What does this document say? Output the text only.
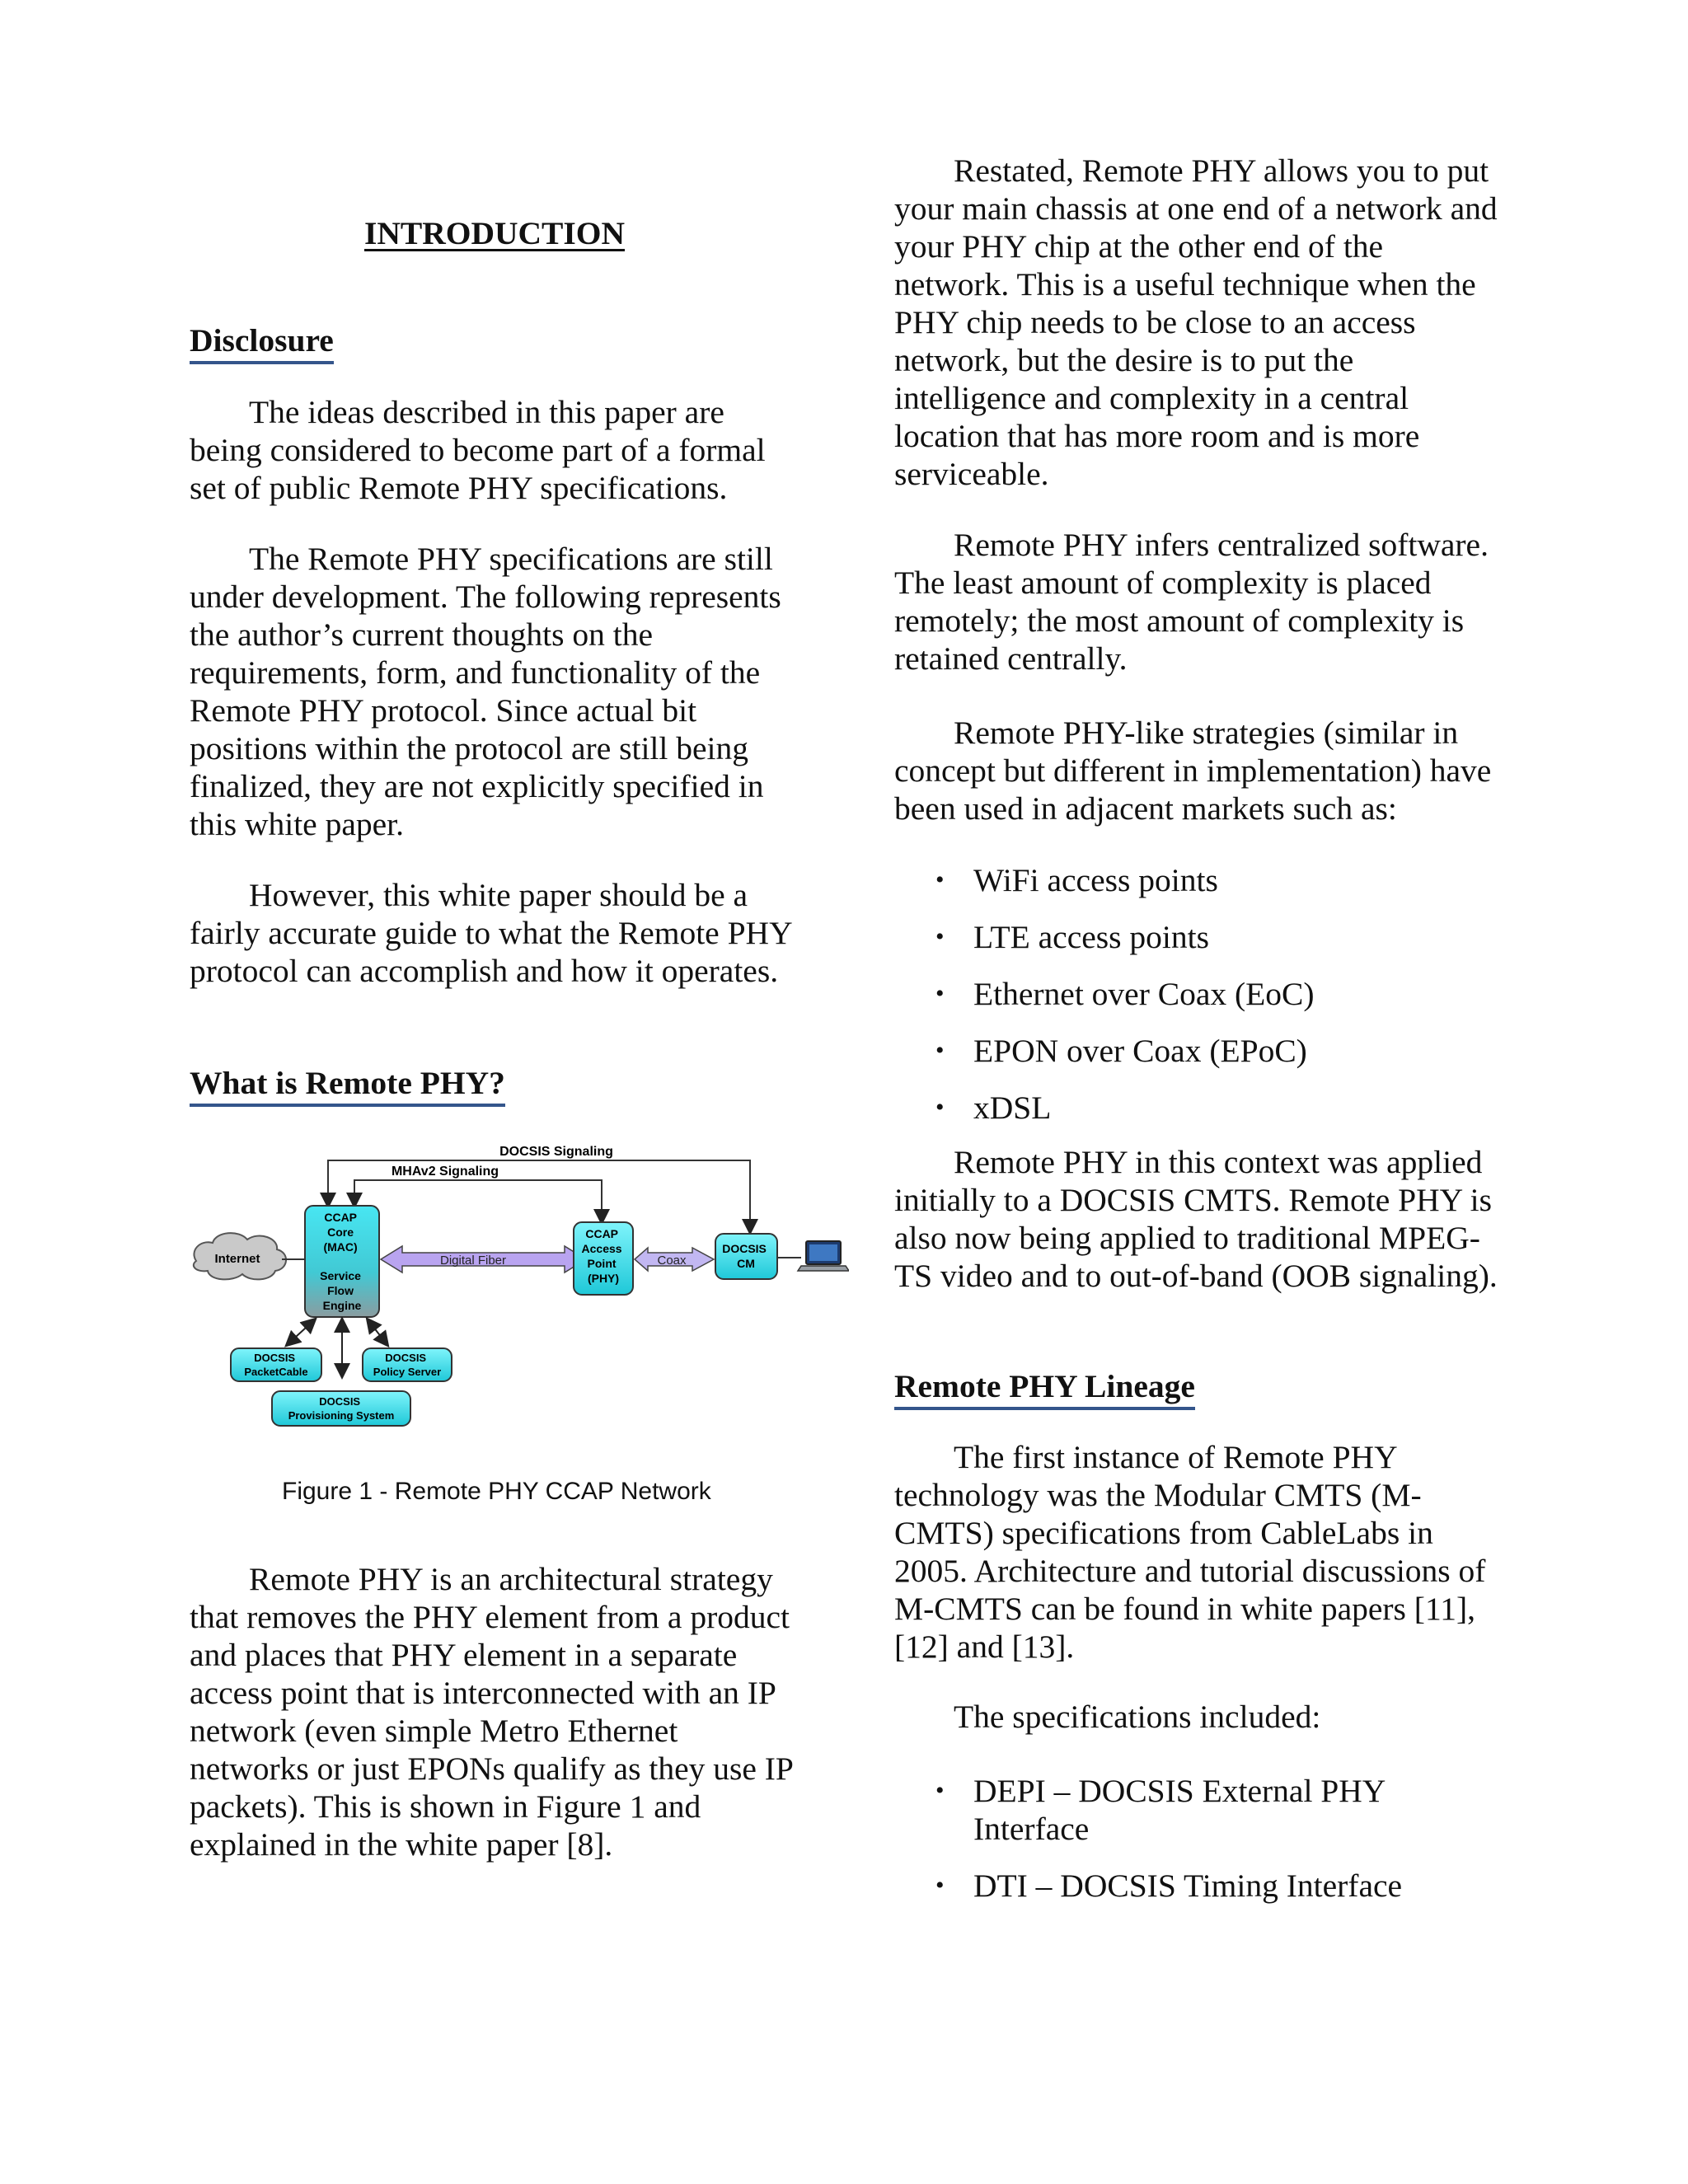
INTRODUCTION
Disclosure

The ideas described in this paper are being considered to become part of a formal set of public Remote PHY specifications.

The Remote PHY specifications are still under development. The following represents the author’s current thoughts on the requirements, form, and functionality of the Remote PHY protocol. Since actual bit positions within the protocol are still being finalized, they are not explicitly specified in this white paper.

However, this white paper should be a fairly accurate guide to what the Remote PHY protocol can accomplish and how it operates.

What is Remote PHY?
DOCSIS Signaling
MHAv2 Signaling
Internet
CCAP Core (MAC) Service Flow Engine
Digital Fiber
CCAP Access Point (PHY)
Coax
DOCSIS CM
DOCSIS PacketCable
DOCSIS Policy Server
DOCSIS Provisioning System

Figure 1 - Remote PHY CCAP Network

Remote PHY is an architectural strategy that removes the PHY element from a product and places that PHY element in a separate access point that is interconnected with an IP network (even simple Metro Ethernet networks or just EPONs qualify as they use IP packets). This is shown in Figure 1 and explained in the white paper [8].

Restated, Remote PHY allows you to put your main chassis at one end of a network and your PHY chip at the other end of the network. This is a useful technique when the PHY chip needs to be close to an access network, but the desire is to put the intelligence and complexity in a central location that has more room and is more serviceable.

Remote PHY infers centralized software. The least amount of complexity is placed remotely; the most amount of complexity is retained centrally.

Remote PHY-like strategies (similar in concept but different in implementation) have been used in adjacent markets such as:

• WiFi access points
• LTE access points
• Ethernet over Coax (EoC)
• EPON over Coax (EPoC)
• xDSL

Remote PHY in this context was applied initially to a DOCSIS CMTS. Remote PHY is also now being applied to traditional MPEG-TS video and to out-of-band (OOB signaling).

Remote PHY Lineage

The first instance of Remote PHY technology was the Modular CMTS (M-CMTS) specifications from CableLabs in 2005. Architecture and tutorial discussions of M-CMTS can be found in white papers [11], [12] and [13].

The specifications included:

• DEPI – DOCSIS External PHY Interface
• DTI – DOCSIS Timing Interface
